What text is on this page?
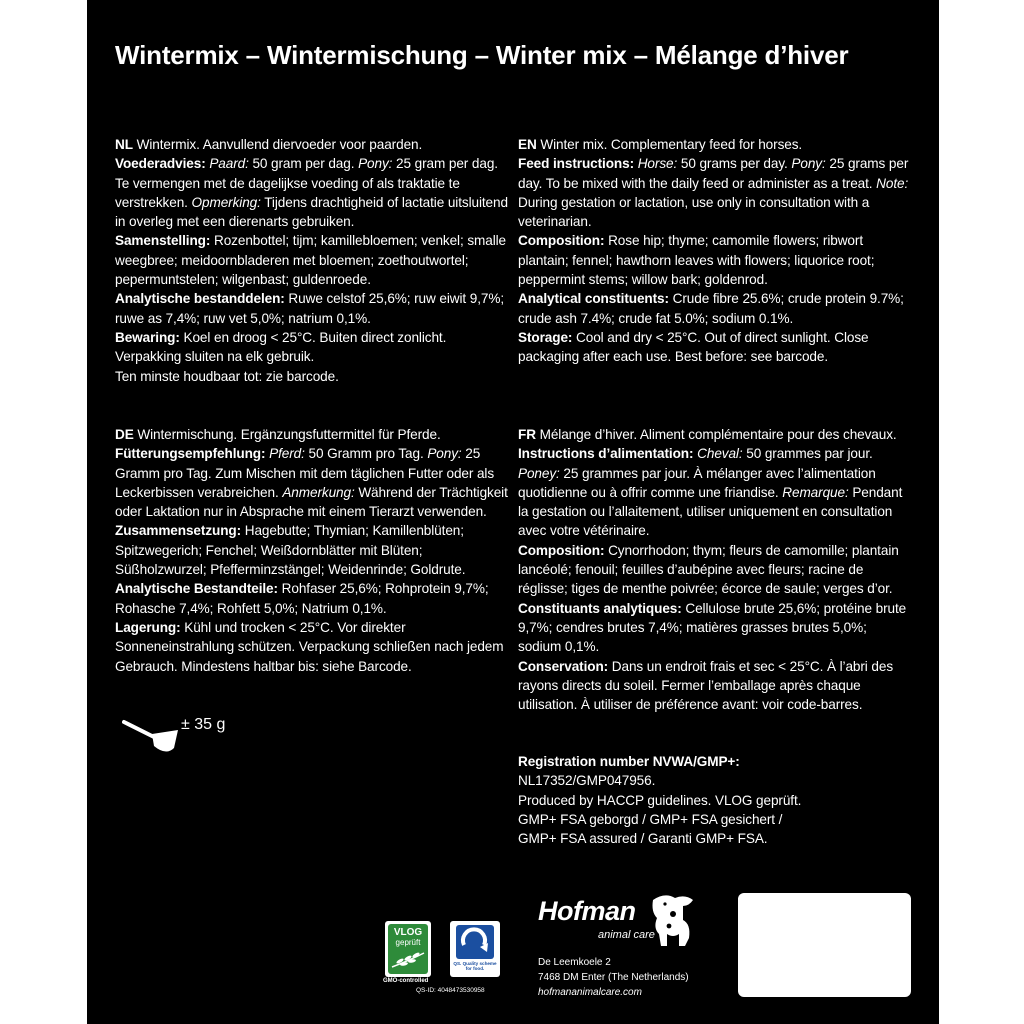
Wintermix – Wintermischung – Winter mix – Mélange d’hiver

NL Wintermix. Aanvullend diervoeder voor paarden.

Voederadvies: Paard: 50 gram per dag. Pony: 25 gram per dag. Te vermengen met de dagelijkse voeding of als traktatie te verstrekken. Opmerking: Tijdens drachtigheid of lactatie uitsluitend in overleg met een dierenarts gebruiken.

Samenstelling: Rozenbottel; tijm; kamillebloemen; venkel; smalle weegbree; meidoornbladeren met bloemen; zoethoutwortel; pepermuntstelen; wilgenbast; guldenroede.

Analytische bestanddelen: Ruwe celstof 25,6%; ruw eiwit 9,7%; ruwe as 7,4%; ruw vet 5,0%; natrium 0,1%.

Bewaring: Koel en droog < 25°C. Buiten direct zonlicht. Verpakking sluiten na elk gebruik.

Ten minste houdbaar tot: zie barcode.

EN Winter mix. Complementary feed for horses.

Feed instructions: Horse: 50 grams per day. Pony: 25 grams per day. To be mixed with the daily feed or administer as a treat. Note: During gestation or lactation, use only in consultation with a veterinarian.

Composition: Rose hip; thyme; camomile flowers; ribwort plantain; fennel; hawthorn leaves with flowers; liquorice root; peppermint stems; willow bark; goldenrod.

Analytical constituents: Crude fibre 25.6%; crude protein 9.7%; crude ash 7.4%; crude fat 5.0%; sodium 0.1%.

Storage: Cool and dry < 25°C. Out of direct sunlight. Close packaging after each use. Best before: see barcode.

DE Wintermischung. Ergänzungsfuttermittel für Pferde.

Fütterungsempfehlung: Pferd: 50 Gramm pro Tag. Pony: 25 Gramm pro Tag. Zum Mischen mit dem täglichen Futter oder als Leckerbissen verabreichen. Anmerkung: Während der Trächtigkeit oder Laktation nur in Absprache mit einem Tierarzt verwenden.

Zusammensetzung: Hagebutte; Thymian; Kamillenblüten; Spitzwegerich; Fenchel; Weißdornblätter mit Blüten; Süßholzwurzel; Pfefferminzstängel; Weidenrinde; Goldrute.

Analytische Bestandteile: Rohfaser 25,6%; Rohprotein 9,7%; Rohasche 7,4%; Rohfett 5,0%; Natrium 0,1%.

Lagerung: Kühl und trocken < 25°C. Vor direkter Sonneneinstrahlung schützen. Verpackung schließen nach jedem Gebrauch. Mindestens haltbar bis: siehe Barcode.

FR Mélange d’hiver. Aliment complémentaire pour des chevaux.

Instructions d’alimentation: Cheval: 50 grammes par jour. Poney: 25 grammes par jour. À mélanger avec l’alimentation quotidienne ou à offrir comme une friandise. Remarque: Pendant la gestation ou l’allaitement, utiliser uniquement en consultation avec votre vétérinaire.

Composition: Cynorrhodon; thym; fleurs de camomille; plantain lancéolé; fenouil; feuilles d’aubépine avec fleurs; racine de réglisse; tiges de menthe poivrée; écorce de saule; verges d’or.

Constituants analytiques: Cellulose brute 25,6%; protéine brute 9,7%; cendres brutes 7,4%; matières grasses brutes 5,0%; sodium 0,1%.

Conservation: Dans un endroit frais et sec < 25°C. À l’abri des rayons directs du soleil. Fermer l’emballage après chaque utilisation. À utiliser de préférence avant: voir code-barres.

Registration number NVWA/GMP+:

NL17352/GMP047956.

Produced by HACCP guidelines. VLOG geprüft.

GMP+ FSA geborgd / GMP+ FSA gesichert /

GMP+ FSA assured / Garanti GMP+ FSA.

± 35 g
VLOG
geprüft
GMO-controlled
QS-ID: 4048473530958
QS. Quality scheme for food.
Hofman
animal care

De Leemkoele 2

7468 DM Enter (The Netherlands)

hofmananimalcare.com
